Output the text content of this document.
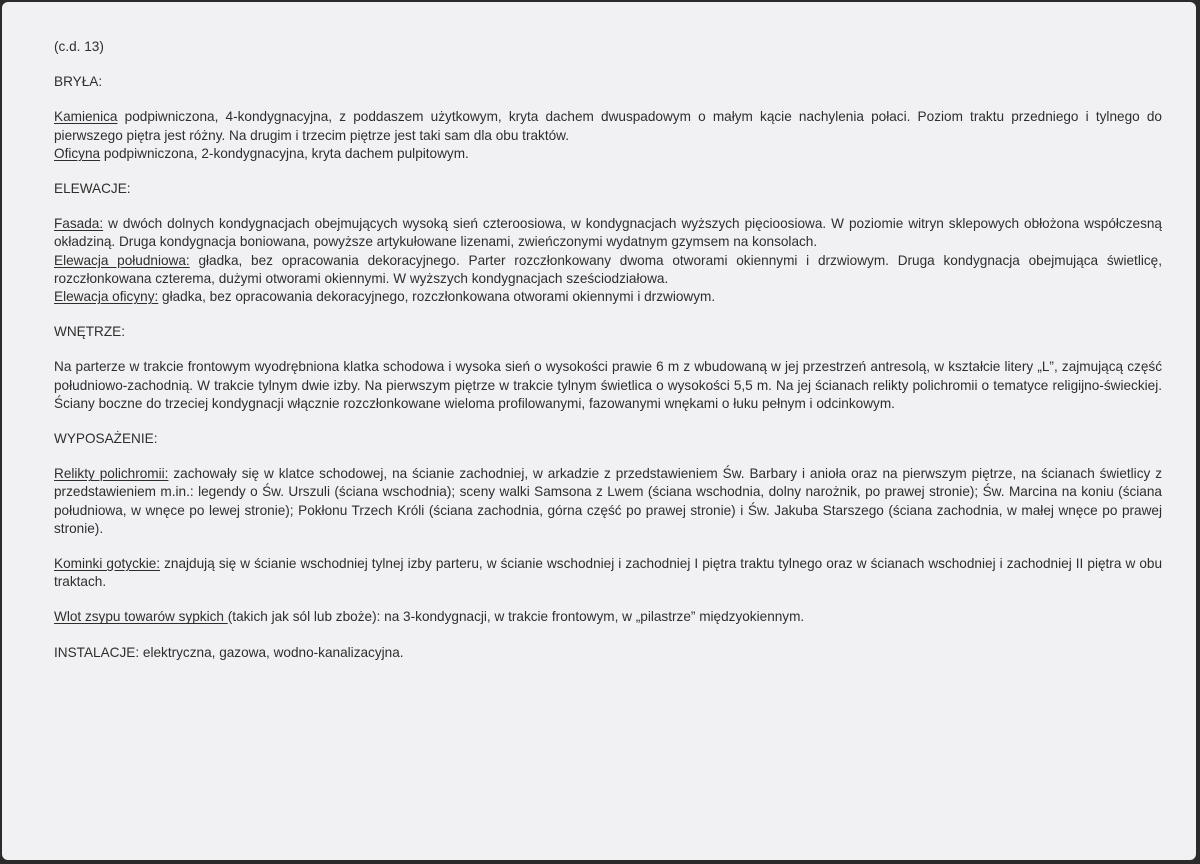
(c.d. 13)

BRYŁA:

Kamienica podpiwniczona, 4-kondygnacyjna, z poddaszem użytkowym, kryta dachem dwuspadowym o małym kącie nachylenia połaci. Poziom traktu przedniego i tylnego do pierwszego piętra jest różny. Na drugim i trzecim piętrze jest taki sam dla obu traktów.

Oficyna podpiwniczona, 2-kondygnacyjna, kryta dachem pulpitowym.

ELEWACJE:

Fasada: w dwóch dolnych kondygnacjach obejmujących wysoką sień czteroosiowa, w kondygnacjach wyższych pięcioosiowa. W poziomie witryn sklepowych obłożona współczesną okładziną. Druga kondygnacja boniowana, powyższe artykułowane lizenami, zwieńczonymi wydatnym gzymsem na konsolach.

Elewacja południowa: gładka, bez opracowania dekoracyjnego. Parter rozczłonkowany dwoma otworami okiennymi i drzwiowym. Druga kondygnacja obejmująca świetlicę, rozczłonkowana czterema, dużymi otworami okiennymi. W wyższych kondygnacjach sześciodziałowa.

Elewacja oficyny: gładka, bez opracowania dekoracyjnego, rozczłonkowana otworami okiennymi i drzwiowym.

WNĘTRZE:

Na parterze w trakcie frontowym wyodrębniona klatka schodowa i wysoka sień o wysokości prawie 6 m z wbudowaną w jej przestrzeń antresolą, w kształcie litery „L”, zajmującą część południowo-zachodnią. W trakcie tylnym dwie izby. Na pierwszym piętrze w trakcie tylnym świetlica o wysokości 5,5 m. Na jej ścianach relikty polichromii o tematyce religijno-świeckiej. Ściany boczne do trzeciej kondygnacji włącznie rozczłonkowane wieloma profilowanymi, fazowanymi wnękami o łuku pełnym i odcinkowym.

WYPOSAŻENIE:

Relikty polichromii: zachowały się w klatce schodowej, na ścianie zachodniej, w arkadzie z przedstawieniem Św. Barbary i anioła oraz na pierwszym piętrze, na ścianach świetlicy z przedstawieniem m.in.: legendy o Św. Urszuli (ściana wschodnia); sceny walki Samsona z Lwem (ściana wschodnia, dolny narożnik, po prawej stronie); Św. Marcina na koniu (ściana południowa, w wnęce po lewej stronie); Pokłonu Trzech Króli (ściana zachodnia, górna część po prawej stronie) i Św. Jakuba Starszego (ściana zachodnia, w małej wnęce po prawej stronie).

Kominki gotyckie: znajdują się w ścianie wschodniej tylnej izby parteru, w ścianie wschodniej i zachodniej I piętra traktu tylnego oraz w ścianach wschodniej i zachodniej II piętra w obu traktach.

Wlot zsypu towarów sypkich (takich jak sól lub zboże): na 3-kondygnacji, w trakcie frontowym, w „pilastrze” międzyokiennym.

INSTALACJE: elektryczna, gazowa, wodno-kanalizacyjna.
